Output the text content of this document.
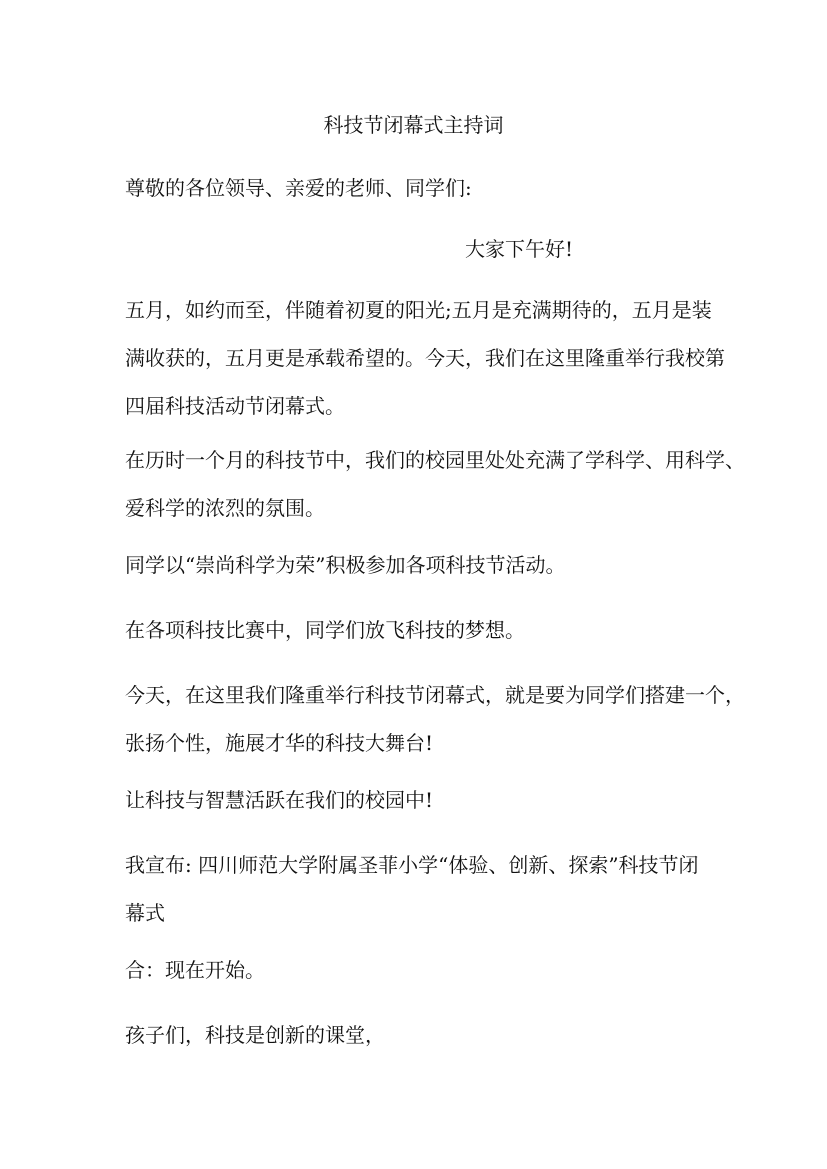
科技节闭幕式主持词

尊敬的各位领导、亲爱的老师、同学们:

大家下午好!

五月，如约而至，伴随着初夏的阳光;五月是充满期待的，五月是装
满收获的，五月更是承载希望的。今天，我们在这里隆重举行我校第
四届科技活动节闭幕式。

在历时一个月的科技节中，我们的校园里处处充满了学科学、用科学、
爱科学的浓烈的氛围。

同学以“崇尚科学为荣”积极参加各项科技节活动。

在各项科技比赛中，同学们放飞科技的梦想。

今天，在这里我们隆重举行科技节闭幕式，就是要为同学们搭建一个，
张扬个性，施展才华的科技大舞台!

让科技与智慧活跃在我们的校园中!

我宣布: 四川师范大学附属圣菲小学“体验、创新、探索”科技节闭
幕式

合：现在开始。

孩子们，科技是创新的课堂，
